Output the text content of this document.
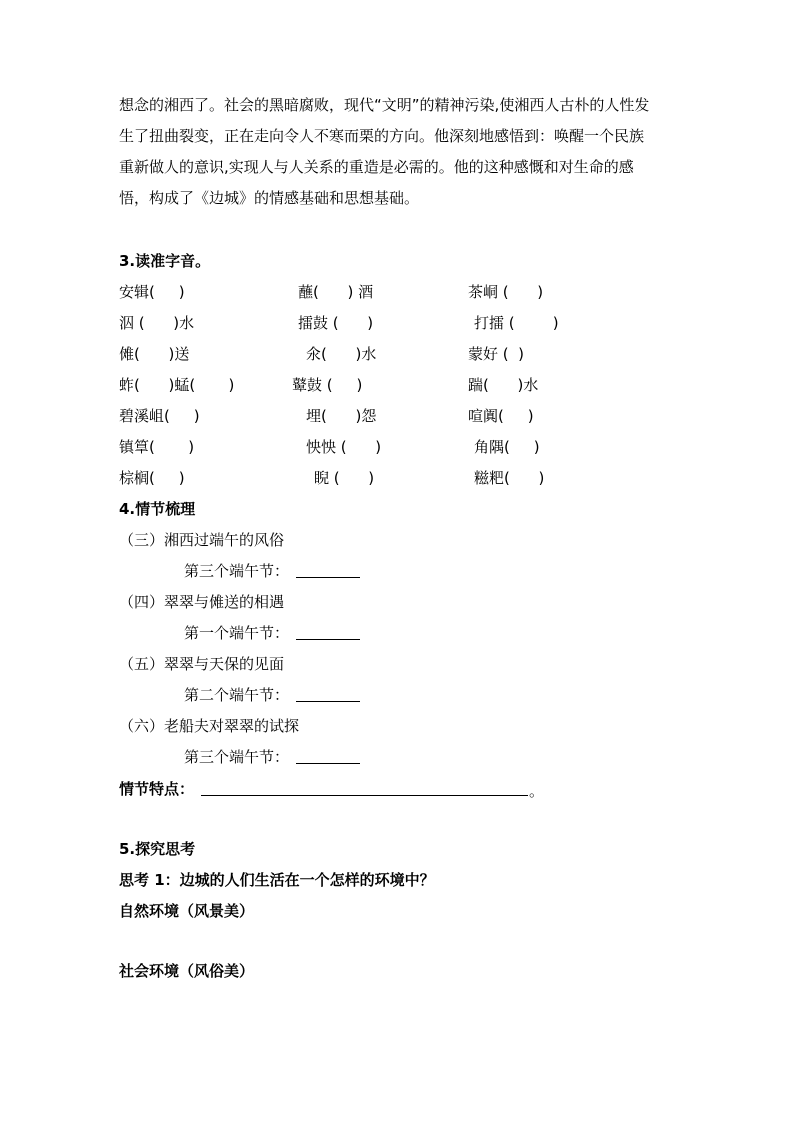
想念的湘西了。社会的黑暗腐败，现代“文明”的精神污染,使湘西人古朴的人性发
生了扭曲裂变，正在走向令人不寒而栗的方向。他深刻地感悟到：唤醒一个民族
重新做人的意识,实现人与人关系的重造是必需的。他的这种感慨和对生命的感
悟，构成了《边城》的情感基础和思想基础。
3.读准字音。
安辑(     )	蘸(      ) 酒	茶峒 (      )
泅 (      )水	擂鼓 (      )	打擂 (        )
傩(      )送	氽(      )水	蒙好 (  )
蚱(      )蜢(       )	鼙鼓 (     )	踹(      )水
碧溪岨(     )	埋(      )怨	喧阗(     )
镇筸(       )	怏怏 (      )	角隅(     )
棕榈(     )	睨 (      )	糍粑(      )
4.情节梳理
（三）湘西过端午的风俗
第三个端午节：
（四）翠翠与傩送的相遇
第一个端午节：
（五）翠翠与天保的见面
第二个端午节：
（六）老船夫对翠翠的试探
第三个端午节：
情节特点：	。
5.探究思考
思考 1：边城的人们生活在一个怎样的环境中？
自然环境（风景美）
社会环境（风俗美）
